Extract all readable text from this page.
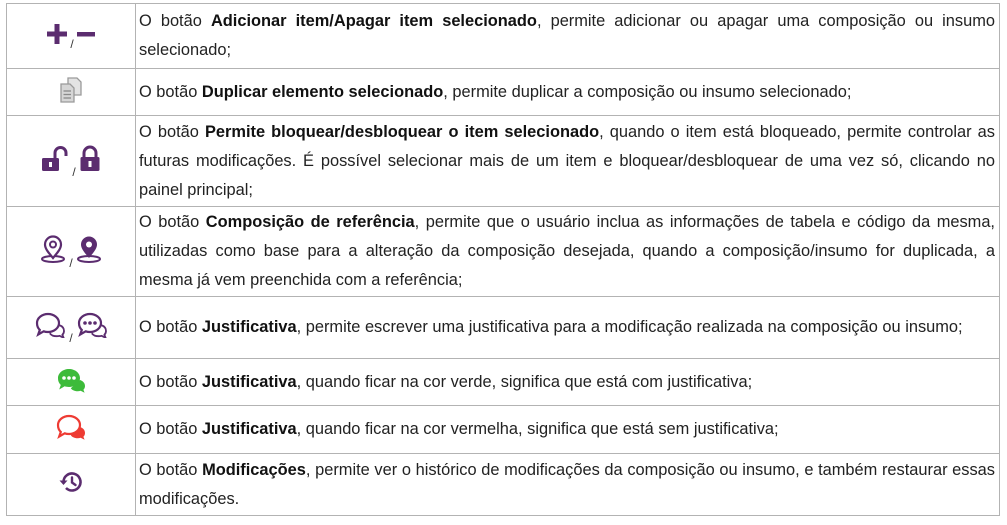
/	O botão Adicionar item/Apagar item selecionado, permite adicionar ou apagar uma composição ou insumo selecionado;

	O botão Duplicar elemento selecionado, permite duplicar a composição ou insumo selecionado;

/	O botão Permite bloquear/desbloquear o item selecionado, quando o item está bloqueado, permite controlar as futuras modificações. É possível selecionar mais de um item e bloquear/desbloquear de uma vez só, clicando no painel principal;

/	O botão Composição de referência, permite que o usuário inclua as informações de tabela e código da mesma, utilizadas como base para a alteração da composição desejada, quando a composição/insumo for duplicada, a mesma já vem preenchida com a referência;

/	O botão Justificativa, permite escrever uma justificativa para a modificação realizada na composição ou insumo;

	O botão Justificativa, quando ficar na cor verde, significa que está com justificativa;

	O botão Justificativa, quando ficar na cor vermelha, significa que está sem justificativa;

	O botão Modificações, permite ver o histórico de modificações da composição ou insumo, e também restaurar essas modificações.
